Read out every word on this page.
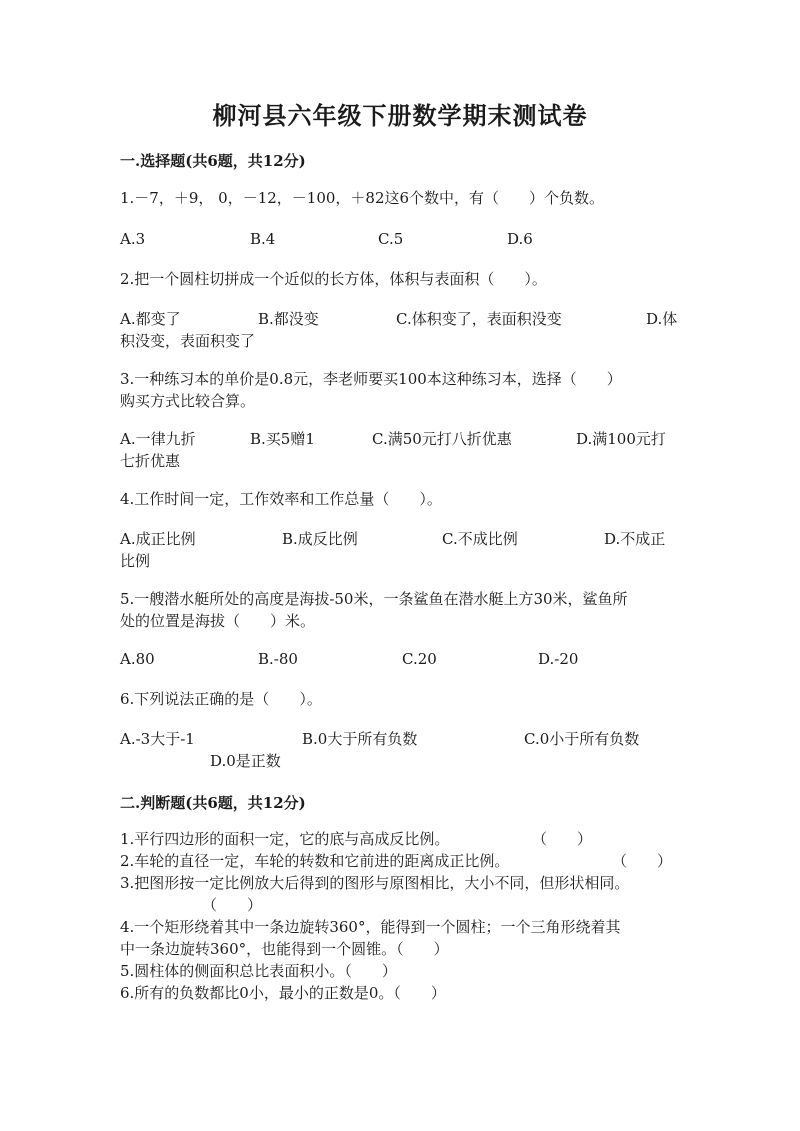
柳河县六年级下册数学期末测试卷
一.选择题(共6题，共12分)
1.－7，＋9， 0，－12，－100，＋82这6个数中，有（　　）个负数。
A.3	B.4	C.5	D.6
2.把一个圆柱切拼成一个近似的长方体，体积与表面积（　　）。
A.都变了	B.都没变	C.体积变了，表面积没变	D.体
积没变，表面积变了
3.一种练习本的单价是0.8元，李老师要买100本这种练习本，选择（　　）
购买方式比较合算。
A.一律九折	B.买5赠1	C.满50元打八折优惠	D.满100元打
七折优惠
4.工作时间一定，工作效率和工作总量（　　）。
A.成正比例	B.成反比例	C.不成比例	D.不成正
比例
5.一艘潜水艇所处的高度是海拔-50米，一条鲨鱼在潜水艇上方30米，鲨鱼所
处的位置是海拔（　　）米。
A.80	B.-80	C.20	D.-20
6.下列说法正确的是（　　）。
A.-3大于-1	B.0大于所有负数	C.0小于所有负数
D.0是正数
二.判断题(共6题，共12分)
1.平行四边形的面积一定，它的底与高成反比例。	（　　）
2.车轮的直径一定，车轮的转数和它前进的距离成正比例。	（　　）
3.把图形按一定比例放大后得到的图形与原图相比，大小不同，但形状相同。
（　　）
4.一个矩形绕着其中一条边旋转360°，能得到一个圆柱；一个三角形绕着其
中一条边旋转360°，也能得到一个圆锥。（　　）
5.圆柱体的侧面积总比表面积小。（　　）
6.所有的负数都比0小，最小的正数是0。（　　）
